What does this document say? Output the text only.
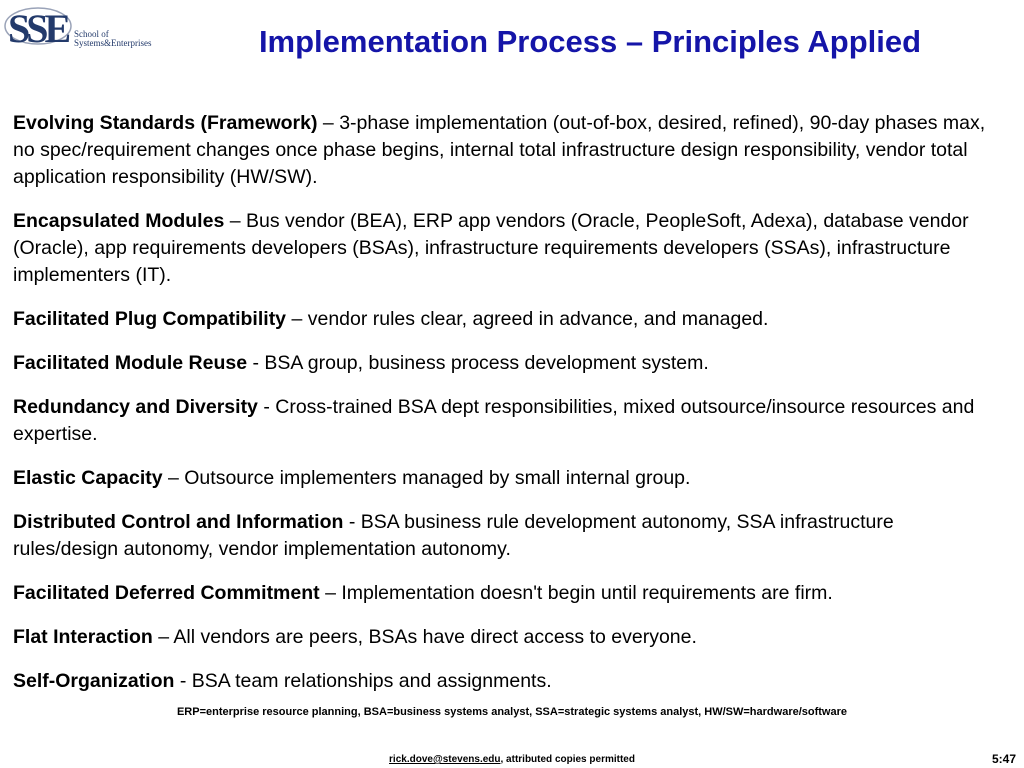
SSE School of
Systems&Enterprises	Implementation Process – Principles Applied
Evolving Standards (Framework) – 3-phase implementation (out-of-box, desired, refined), 90-day phases max, no spec/requirement changes once phase begins, internal total infrastructure design responsibility, vendor total application responsibility (HW/SW).
Encapsulated Modules – Bus vendor (BEA), ERP app vendors (Oracle, PeopleSoft, Adexa), database vendor (Oracle), app requirements developers (BSAs), infrastructure requirements developers (SSAs), infrastructure implementers (IT).
Facilitated Plug Compatibility – vendor rules clear, agreed in advance, and managed.
Facilitated Module Reuse - BSA group, business process development system.
Redundancy and Diversity - Cross-trained BSA dept responsibilities, mixed outsource/insource resources and expertise.
Elastic Capacity – Outsource implementers managed by small internal group.
Distributed Control and Information - BSA business rule development autonomy, SSA infrastructure rules/design autonomy, vendor implementation autonomy.
Facilitated Deferred Commitment – Implementation doesn't begin until requirements are firm.
Flat Interaction – All vendors are peers, BSAs have direct access to everyone.
Self-Organization - BSA team relationships and assignments.
ERP=enterprise resource planning, BSA=business systems analyst, SSA=strategic systems analyst, HW/SW=hardware/software
rick.dove@stevens.edu, attributed copies permitted	5:47
